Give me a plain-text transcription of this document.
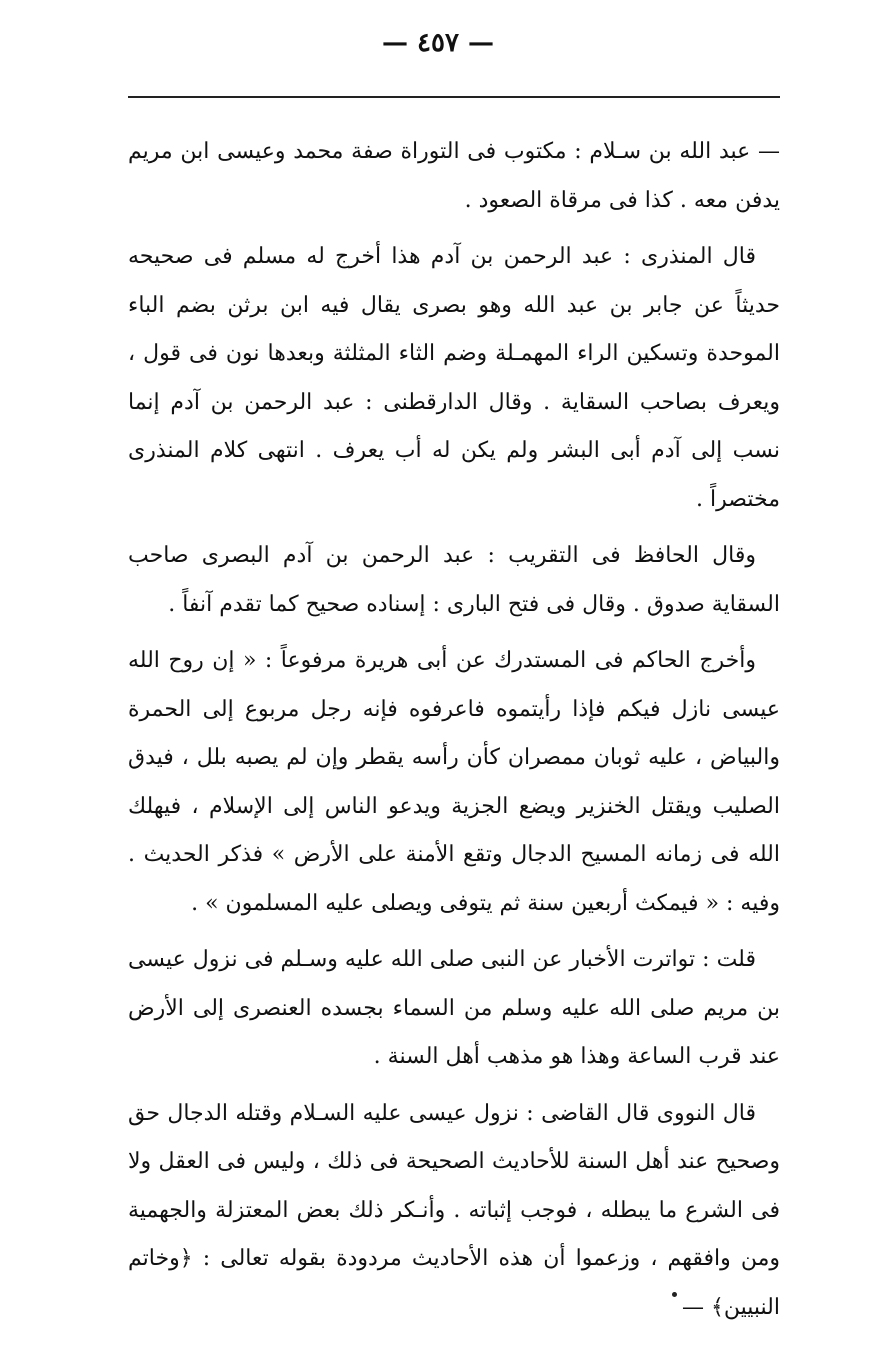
— ٤٥٧ —

— عبد الله بن سـلام : مكتوب فى التوراة صفة محمد وعيسى ابن مريم يدفن معه . كذا فى مرقاة الصعود .

قال المنذرى : عبد الرحمن بن آدم هذا أخرج له مسلم فى صحيحه حديثاً عن جابر بن عبد الله وهو بصرى يقال فيه ابن برثن بضم الباء الموحدة وتسكين الراء المهمـلة وضم الثاء المثلثة وبعدها نون فى قول ، ويعرف بصاحب السقاية . وقال الدارقطنى : عبد الرحمن بن آدم إنما نسب إلى آدم أبى البشر ولم يكن له أب يعرف . انتهى كلام المنذرى مختصراً .

وقال الحافظ فى التقريب : عبد الرحمن بن آدم البصرى صاحب السقاية صدوق . وقال فى فتح البارى : إسناده صحيح كما تقدم آنفاً .

وأخرج الحاكم فى المستدرك عن أبى هريرة مرفوعاً : « إن روح الله عيسى نازل فيكم فإذا رأيتموه فاعرفوه فإنه رجل مربوع إلى الحمرة والبياض ، عليه ثوبان ممصران كأن رأسه يقطر وإن لم يصبه بلل ، فيدق الصليب ويقتل الخنزير ويضع الجزية ويدعو الناس إلى الإسلام ، فيهلك الله فى زمانه المسيح الدجال وتقع الأمنة على الأرض » فذكر الحديث . وفيه : « فيمكث أربعين سنة ثم يتوفى ويصلى عليه المسلمون » .

قلت : تواترت الأخبار عن النبى صلى الله عليه وسـلم فى نزول عيسى بن مريم صلى الله عليه وسلم من السماء بجسده العنصرى إلى الأرض عند قرب الساعة وهذا هو مذهب أهل السنة .

قال النووى قال القاضى : نزول عيسى عليه السـلام وقتله الدجال حق وصحيح عند أهل السنة للأحاديث الصحيحة فى ذلك ، وليس فى العقل ولا فى الشرع ما يبطله ، فوجب إثباته . وأنـكر ذلك بعض المعتزلة والجهمية ومن وافقهم ، وزعموا أن هذه الأحاديث مردودة بقوله تعالى : ﴿وخاتم النبيين﴾ —
